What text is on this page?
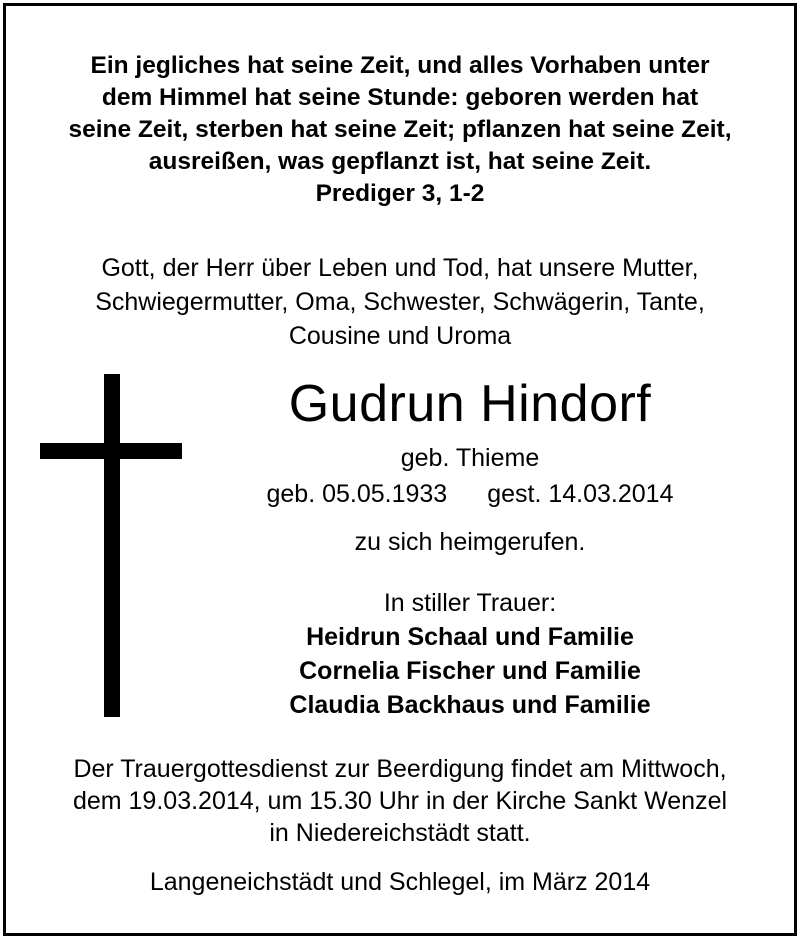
Ein jegliches hat seine Zeit, und alles Vorhaben unter
dem Himmel hat seine Stunde: geboren werden hat
seine Zeit, sterben hat seine Zeit; pflanzen hat seine Zeit,
ausreißen, was gepflanzt ist, hat seine Zeit.
Prediger 3, 1-2
Gott, der Herr über Leben und Tod, hat unsere Mutter,
Schwiegermutter, Oma, Schwester, Schwägerin, Tante,
Cousine und Uroma
Gudrun Hindorf
geb. Thieme
geb. 05.05.1933 gest. 14.03.2014
zu sich heimgerufen.
In stiller Trauer:
Heidrun Schaal und Familie
Cornelia Fischer und Familie
Claudia Backhaus und Familie
Der Trauergottesdienst zur Beerdigung findet am Mittwoch,
dem 19.03.2014, um 15.30 Uhr in der Kirche Sankt Wenzel
in Niedereichstädt statt.
Langeneichstädt und Schlegel, im März 2014
